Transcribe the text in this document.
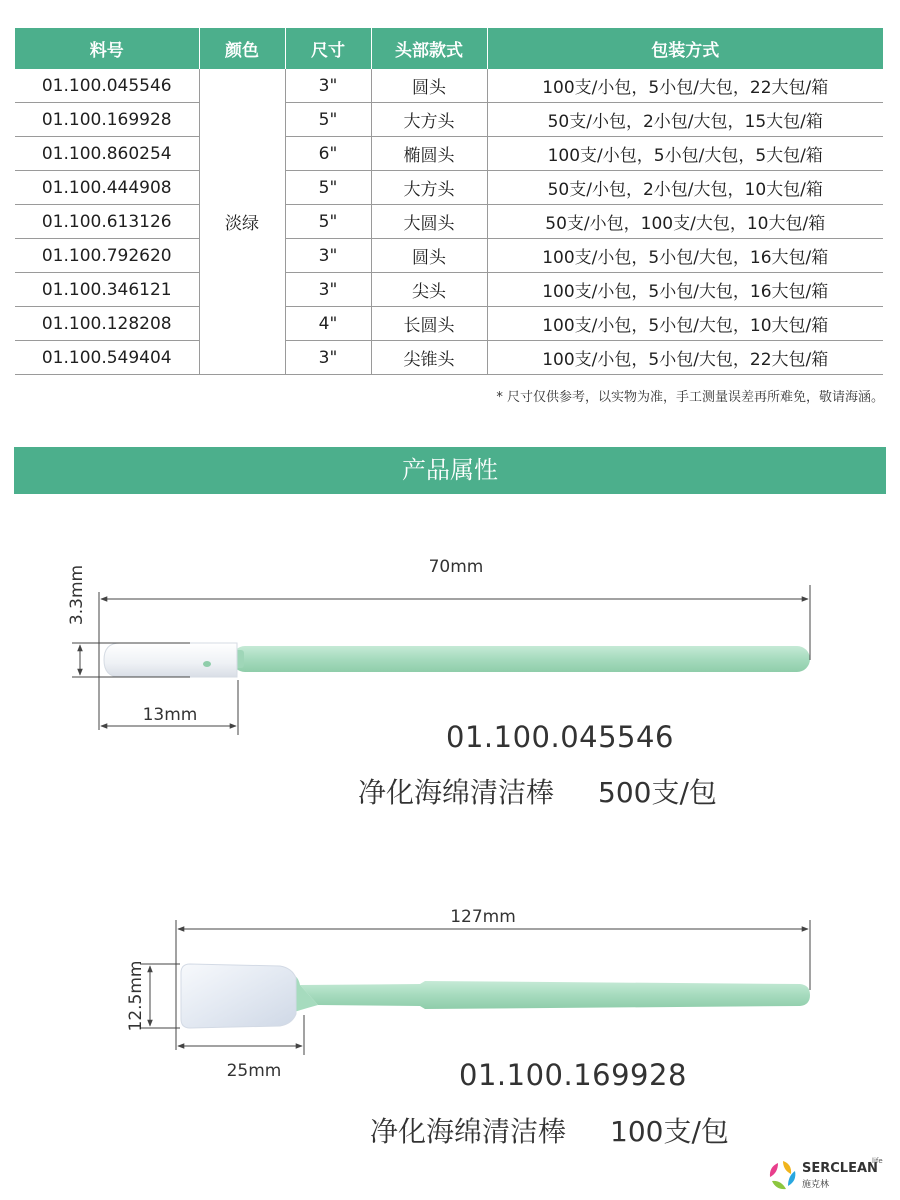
料号	颜色	尺寸	头部款式	包装方式
01.100.045546	淡绿	3"	圆头	100支/小包，5小包/大包，22大包/箱
01.100.169928		5"	大方头	50支/小包，2小包/大包，15大包/箱
01.100.860254		6"	椭圆头	100支/小包，5小包/大包，5大包/箱
01.100.444908		5"	大方头	50支/小包，2小包/大包，10大包/箱
01.100.613126		5"	大圆头	50支/小包，100支/大包，10大包/箱
01.100.792620		3"	圆头	100支/小包，5小包/大包，16大包/箱
01.100.346121		3"	尖头	100支/小包，5小包/大包，16大包/箱
01.100.128208		4"	长圆头	100支/小包，5小包/大包，10大包/箱
01.100.549404		3"	尖锥头	100支/小包，5小包/大包，22大包/箱
* 尺寸仅供参考，以实物为准，手工测量误差再所难免，敬请海涵。
产品属性
70mm
13mm
3.3mm
127mm
25mm
12.5mm
01.100.045546
净化海绵清洁棒 500支/包
01.100.169928
净化海绵清洁棒 100支/包
SERCLEAN
life
施克林
